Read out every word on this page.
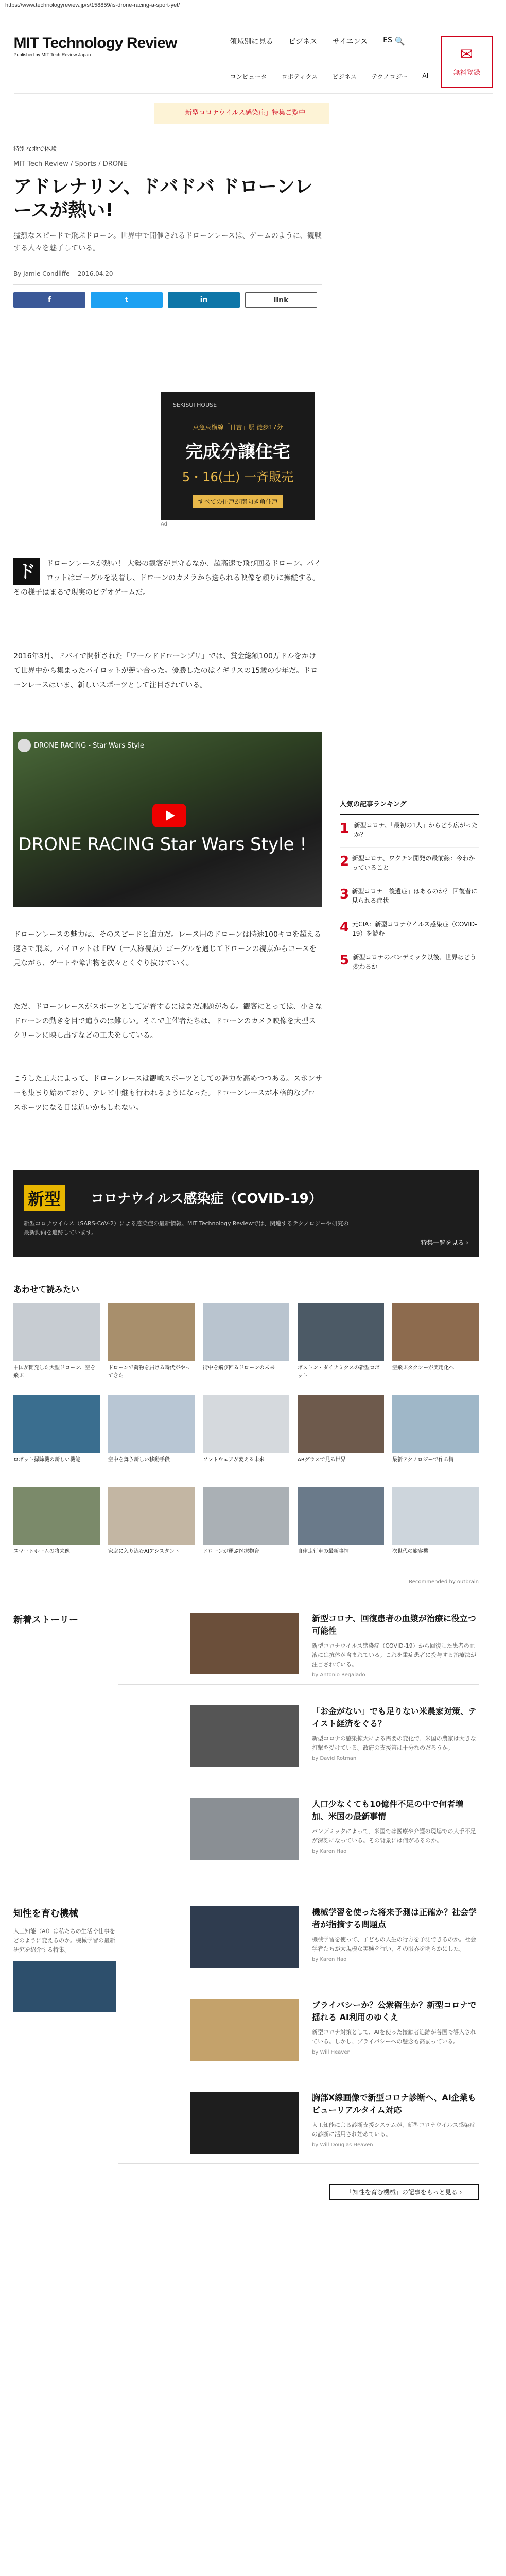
https://www.technologyreview.jp/s/158859/is-drone-racing-a-sport-yet/
MIT Technology Review
Published by MIT Tech Review Japan
領域別に見る ビジネス サイエンス ES 🔍
コンピュータ ロボティクス ビジネス テクノロジー AI
✉
無料登録
「新型コロナウイルス感染症」特集ご覧中
特別な地で体験
MIT Tech Review / Sports / DRONE
アドレナリン、ドバドバ ドローンレースが熱い!
猛烈なスピードで飛ぶドローン。世界中で開催されるドローンレースは、ゲームのように、観戦する人々を魅了している。
By Jamie Condliffe 2016.04.20
f	t	in	link
SEKISUI HOUSE
東急東横線「日吉」駅 徒歩17分
完成分譲住宅
5・16(土) 一斉販売
すべての住戸が南向き角住戸
Ad
ド	ドローンレースが熱い！ 大勢の観客が見守るなか、超高速で飛び回るドローン。パイロットはゴーグルを装着し、ドローンのカメラから送られる映像を頼りに操縦する。その様子はまるで現実のビデオゲームだ。
2016年3月、ドバイで開催された「ワールドドローンプリ」では、賞金総額100万ドルをかけて世界中から集まったパイロットが競い合った。優勝したのはイギリスの15歳の少年だ。ドローンレースはいま、新しいスポーツとして注目されている。
DRONE RACING - Star Wars Style
DRONE RACING Star Wars Style !
ドローンレースの魅力は、そのスピードと迫力だ。レース用のドローンは時速100キロを超える速さで飛ぶ。パイロットは FPV（一人称視点）ゴーグルを通じてドローンの視点からコースを見ながら、ゲートや障害物を次々とくぐり抜けていく。
ただ、ドローンレースがスポーツとして定着するにはまだ課題がある。観客にとっては、小さなドローンの動きを目で追うのは難しい。そこで主催者たちは、ドローンのカメラ映像を大型スクリーンに映し出すなどの工夫をしている。
こうした工夫によって、ドローンレースは観戦スポーツとしての魅力を高めつつある。スポンサーも集まり始めており、テレビ中継も行われるようになった。ドローンレースが本格的なプロスポーツになる日は近いかもしれない。
人気の記事ランキング
1 新型コロナ、「最初の1人」からどう広がったか？
2 新型コロナ、ワクチン開発の最前線：今わかっていること
3 新型コロナ「後遺症」はあるのか？ 回復者に見られる症状
4 元CIA：新型コロナウイルス感染症（COVID-19）を読む
5 新型コロナのパンデミック以後、世界はどう変わるか
新型	コロナウイルス感染症（COVID-19）
新型コロナウイルス（SARS-CoV-2）による感染症の最新情報。MIT Technology Reviewでは、関連するテクノロジーや研究の最新動向を追跡しています。
特集一覧を見る ›
あわせて読みたい
中国が開発した大型ドローン、空を飛ぶ
ドローンで荷物を届ける時代がやってきた
街中を飛び回るドローンの未来	ボストン・ダイナミクスの新型ロボット
空飛ぶタクシーが実用化へ
ロボット掃除機の新しい機能	空中を舞う新しい移動手段	ソフトウェアが変える未来	ARグラスで見る世界	最新テクノロジーで作る街
スマートホームの将来像	家庭に入り込むAIアシスタント	ドローンが運ぶ医療物資	自律走行車の最新事情	次世代の旅客機
Recommended by outbrain
新着ストーリー	新型コロナ、回復患者の血漿が治療に役立つ可能性
新型コロナウイルス感染症（COVID-19）から回復した患者の血液には抗体が含まれている。これを重症患者に投与する治療法が注目されている。
by Antonio Regalado
「お金がない」でも足りない米農家対策、テイスト経済をぐる？
新型コロナの感染拡大による需要の変化で、米国の農家は大きな打撃を受けている。政府の支援策は十分なのだろうか。
by David Rotman
人口少なくても10億件不足の中で何者増加、米国の最新事情
パンデミックによって、米国では医療や介護の現場での人手不足が深刻になっている。その背景には何があるのか。
by Karen Hao
知性を育む機械
人工知能（AI）は私たちの生活や仕事をどのように変えるのか。機械学習の最新研究を紹介する特集。
機械学習を使った将来予測は正確か？社会学者が指摘する問題点
機械学習を使って、子どもの人生の行方を予測できるのか。社会学者たちが大規模な実験を行い、その限界を明らかにした。
by Karen Hao
プライバシーか？公衆衛生か？新型コロナで揺れる AI利用のゆくえ
新型コロナ対策として、AIを使った接触者追跡が各国で導入されている。しかし、プライバシーへの懸念も高まっている。
by Will Heaven
胸部X線画像で新型コロナ診断へ、AI企業もビューリアルタイム対応
人工知能による診断支援システムが、新型コロナウイルス感染症の診断に活用され始めている。
by Will Douglas Heaven
「知性を育む機械」の記事をもっと見る ›
